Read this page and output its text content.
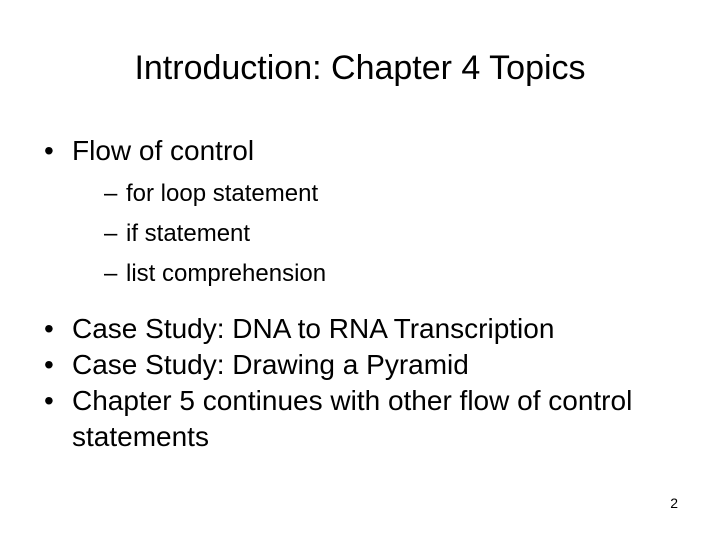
Introduction: Chapter 4 Topics
• Flow of control
– for loop statement
– if statement
– list comprehension
• Case Study: DNA to RNA Transcription
• Case Study: Drawing a Pyramid
• Chapter 5 continues with other flow of control statements
2
